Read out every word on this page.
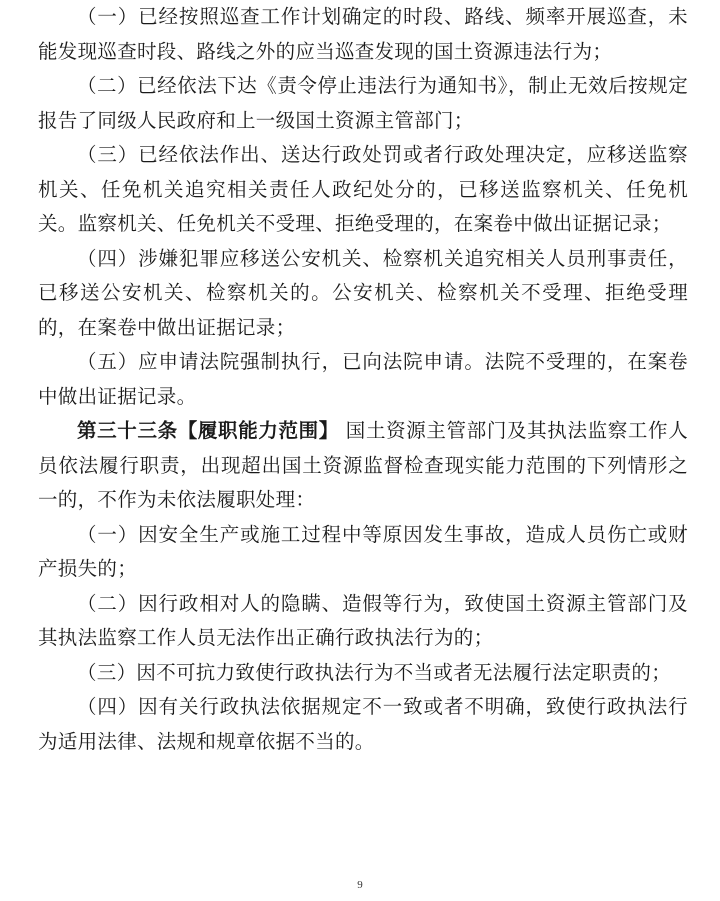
（一）已经按照巡查工作计划确定的时段、路线、频率开展巡查，未能发现巡查时段、路线之外的应当巡查发现的国土资源违法行为；

（二）已经依法下达《责令停止违法行为通知书》，制止无效后按规定报告了同级人民政府和上一级国土资源主管部门；

（三）已经依法作出、送达行政处罚或者行政处理决定，应移送监察机关、任免机关追究相关责任人政纪处分的，已移送监察机关、任免机关。监察机关、任免机关不受理、拒绝受理的，在案卷中做出证据记录；

（四）涉嫌犯罪应移送公安机关、检察机关追究相关人员刑事责任，已移送公安机关、检察机关的。公安机关、检察机关不受理、拒绝受理的，在案卷中做出证据记录；

（五）应申请法院强制执行，已向法院申请。法院不受理的，在案卷中做出证据记录。

第三十三条【履职能力范围】 国土资源主管部门及其执法监察工作人员依法履行职责，出现超出国土资源监督检查现实能力范围的下列情形之一的，不作为未依法履职处理：

（一）因安全生产或施工过程中等原因发生事故，造成人员伤亡或财产损失的；

（二）因行政相对人的隐瞒、造假等行为，致使国土资源主管部门及其执法监察工作人员无法作出正确行政执法行为的；

（三）因不可抗力致使行政执法行为不当或者无法履行法定职责的；

（四）因有关行政执法依据规定不一致或者不明确，致使行政执法行为适用法律、法规和规章依据不当的。

9
